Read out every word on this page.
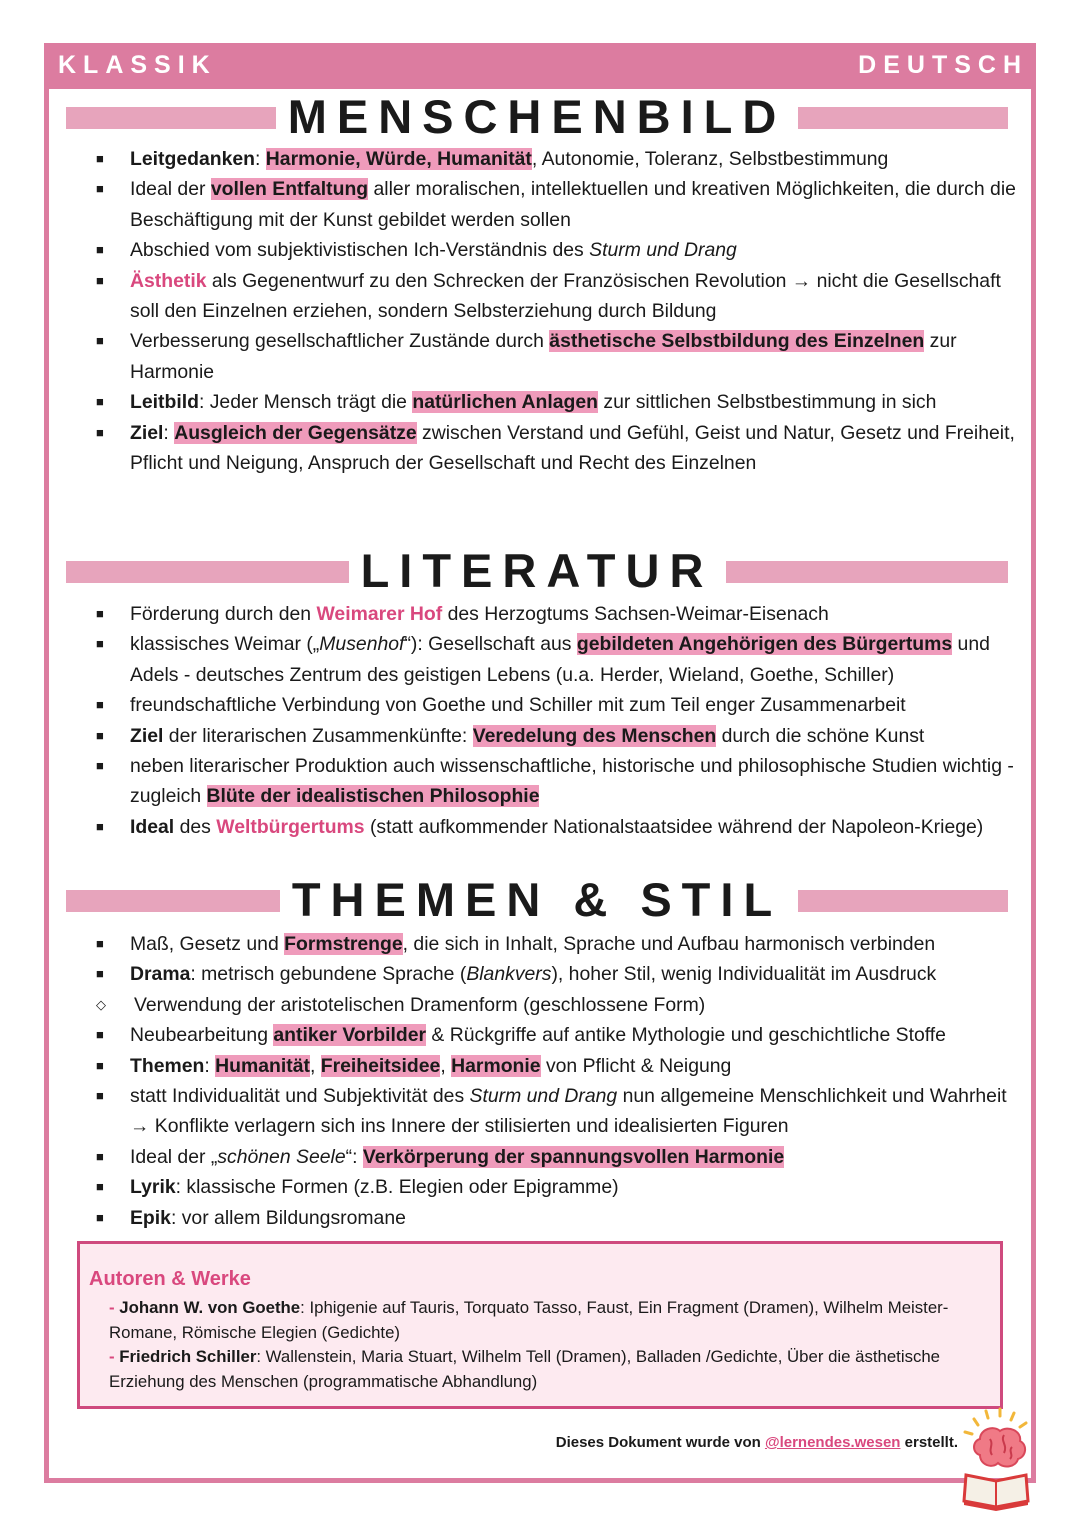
KLASSIK	DEUTSCH
MENSCHENBILD
■ Leitgedanken: Harmonie, Würde, Humanität, Autonomie, Toleranz, Selbstbestimmung
■ Ideal der vollen Entfaltung aller moralischen, intellektuellen und kreativen Möglichkeiten, die durch die Beschäftigung mit der Kunst gebildet werden sollen
■ Abschied vom subjektivistischen Ich-Verständnis des Sturm und Drang
■ Ästhetik als Gegenentwurf zu den Schrecken der Französischen Revolution → nicht die Gesellschaft soll den Einzelnen erziehen, sondern Selbsterziehung durch Bildung
■ Verbesserung gesellschaftlicher Zustände durch ästhetische Selbstbildung des Einzelnen zur Harmonie
■ Leitbild: Jeder Mensch trägt die natürlichen Anlagen zur sittlichen Selbstbestimmung in sich
■ Ziel: Ausgleich der Gegensätze zwischen Verstand und Gefühl, Geist und Natur, Gesetz und Freiheit, Pflicht und Neigung, Anspruch der Gesellschaft und Recht des Einzelnen
LITERATUR
■ Förderung durch den Weimarer Hof des Herzogtums Sachsen-Weimar-Eisenach
■ klassisches Weimar („Musenhof“): Gesellschaft aus gebildeten Angehörigen des Bürgertums und Adels - deutsches Zentrum des geistigen Lebens (u.a. Herder, Wieland, Goethe, Schiller)
■ freundschaftliche Verbindung von Goethe und Schiller mit zum Teil enger Zusammenarbeit
■ Ziel der literarischen Zusammenkünfte: Veredelung des Menschen durch die schöne Kunst
■ neben literarischer Produktion auch wissenschaftliche, historische und philosophische Studien wichtig - zugleich Blüte der idealistischen Philosophie
■ Ideal des Weltbürgertums (statt aufkommender Nationalstaatsidee während der Napoleon-Kriege)
THEMEN & STIL
■ Maß, Gesetz und Formstrenge, die sich in Inhalt, Sprache und Aufbau harmonisch verbinden
■ Drama: metrisch gebundene Sprache (Blankvers), hoher Stil, wenig Individualität im Ausdruck
◇ Verwendung der aristotelischen Dramenform (geschlossene Form)
■ Neubearbeitung antiker Vorbilder & Rückgriffe auf antike Mythologie und geschichtliche Stoffe
■ Themen: Humanität, Freiheitsidee, Harmonie von Pflicht & Neigung
■ statt Individualität und Subjektivität des Sturm und Drang nun allgemeine Menschlichkeit und Wahrheit → Konflikte verlagern sich ins Innere der stilisierten und idealisierten Figuren
■ Ideal der „schönen Seele“: Verkörperung der spannungsvollen Harmonie
■ Lyrik: klassische Formen (z.B. Elegien oder Epigramme)
■ Epik: vor allem Bildungsromane
Autoren & Werke
- Johann W. von Goethe: Iphigenie auf Tauris, Torquato Tasso, Faust, Ein Fragment (Dramen), Wilhelm Meister-Romane, Römische Elegien (Gedichte)
- Friedrich Schiller: Wallenstein, Maria Stuart, Wilhelm Tell (Dramen), Balladen /Gedichte, Über die ästhetische Erziehung des Menschen (programmatische Abhandlung)
Dieses Dokument wurde von @lernendes.wesen erstellt.
